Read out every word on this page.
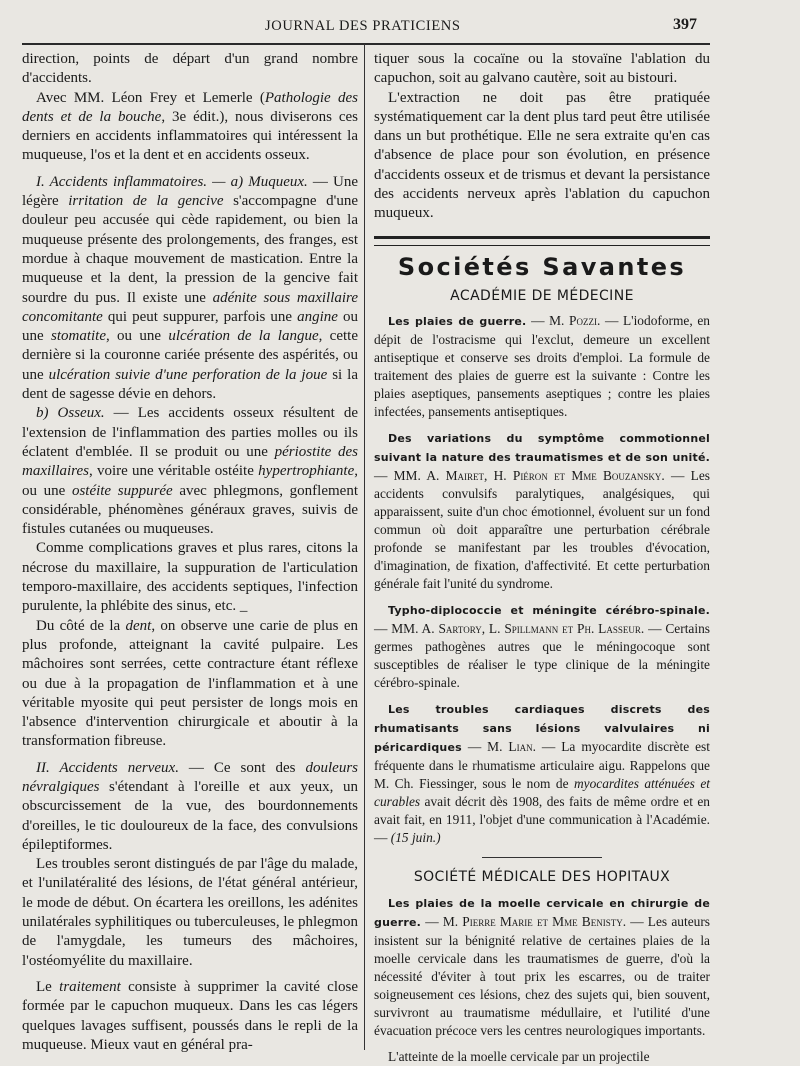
JOURNAL DES PRATICIENS	397

direction, points de départ d'un grand nombre d'accidents.

Avec MM. Léon Frey et Lemerle (Pathologie des dents et de la bouche, 3e édit.), nous diviserons ces derniers en accidents inflammatoires qui intéressent la muqueuse, l'os et la dent et en accidents osseux.

I. Accidents inflammatoires. — a) Muqueux. — Une légère irritation de la gencive s'accompagne d'une douleur peu accusée qui cède rapidement, ou bien la muqueuse présente des prolongements, des franges, est mordue à chaque mouvement de mastication. Entre la muqueuse et la dent, la pression de la gencive fait sourdre du pus. Il existe une adénite sous maxillaire concomitante qui peut suppurer, parfois une angine ou une stomatite, ou une ulcération de la langue, cette dernière si la couronne cariée présente des aspérités, ou une ulcération suivie d'une perforation de la joue si la dent de sagesse dévie en dehors.

b) Osseux. — Les accidents osseux résultent de l'extension de l'inflammation des parties molles ou ils éclatent d'emblée. Il se produit ou une périostite des maxillaires, voire une véritable ostéite hypertrophiante, ou une ostéite suppurée avec phlegmons, gonflement considérable, phénomènes généraux graves, suivis de fistules cutanées ou muqueuses.

Comme complications graves et plus rares, citons la nécrose du maxillaire, la suppuration de l'articulation temporo-maxillaire, des accidents septiques, l'infection purulente, la phlébite des sinus, etc. _

Du côté de la dent, on observe une carie de plus en plus profonde, atteignant la cavité pulpaire. Les mâchoires sont serrées, cette contracture étant réflexe ou due à la propagation de l'inflammation et à une véritable myosite qui peut persister de longs mois en l'absence d'intervention chirurgicale et aboutir à la transformation fibreuse.

II. Accidents nerveux. — Ce sont des douleurs névralgiques s'étendant à l'oreille et aux yeux, un obscurcissement de la vue, des bourdonnements d'oreilles, le tic douloureux de la face, des convulsions épileptiformes.

Les troubles seront distingués de par l'âge du malade, et l'unilatéralité des lésions, de l'état général antérieur, le mode de début. On écartera les oreillons, les adénites unilatérales syphilitiques ou tuberculeuses, le phlegmon de l'amygdale, les tumeurs des mâchoires, l'ostéomyélite du maxillaire.

Le traitement consiste à supprimer la cavité close formée par le capuchon muqueux. Dans les cas légers quelques lavages suffisent, poussés dans le repli de la muqueuse. Mieux vaut en général pra-

tiquer sous la cocaïne ou la stovaïne l'ablation du capuchon, soit au galvano cautère, soit au bistouri.

L'extraction ne doit pas être pratiquée systématiquement car la dent plus tard peut être utilisée dans un but prothétique. Elle ne sera extraite qu'en cas d'absence de place pour son évolution, en présence d'accidents osseux et de trismus et devant la persistance des accidents nerveux après l'ablation du capuchon muqueux.

Sociétés Savantes
ACADÉMIE DE MÉDECINE

Les plaies de guerre. — M. Pozzi. — L'iodoforme, en dépit de l'ostracisme qui l'exclut, demeure un excellent antiseptique et conserve ses droits d'emploi. La formule de traitement des plaies de guerre est la suivante : Contre les plaies aseptiques, pansements aseptiques ; contre les plaies infectées, pansements antiseptiques.

Des variations du symptôme commotionnel suivant la nature des traumatismes et de son unité. — MM. A. Mairet, H. Piéron et Mme Bouzansky. — Les accidents convulsifs paralytiques, analgésiques, qui apparaissent, suite d'un choc émotionnel, évoluent sur un fond commun où doit apparaître une perturbation cérébrale profonde se manifestant par les troubles d'évocation, d'imagination, de fixation, d'affectivité. Et cette perturbation générale fait l'unité du syndrome.

Typho-diplococcie et méningite cérébro-spinale. — MM. A. Sartory, L. Spillmann et Ph. Lasseur. — Certains germes pathogènes autres que le méningocoque sont susceptibles de réaliser le type clinique de la méningite cérébro-spinale.

Les troubles cardiaques discrets des rhumatisants sans lésions valvulaires ni péricardiques — M. Lian. — La myocardite discrète est fréquente dans le rhumatisme articulaire aigu. Rappelons que M. Ch. Fiessinger, sous le nom de myocardites atténuées et curables avait décrit dès 1908, des faits de même ordre et en avait fait, en 1911, l'objet d'une communication à l'Académie. — (15 juin.)

SOCIÉTÉ MÉDICALE DES HOPITAUX

Les plaies de la moelle cervicale en chirurgie de guerre. — M. Pierre Marie et Mme Benisty. — Les auteurs insistent sur la bénignité relative de certaines plaies de la moelle cervicale dans les traumatismes de guerre, d'où la nécessité d'éviter à tout prix les escarres, ou de traiter soigneusement ces lésions, chez des sujets qui, bien souvent, survivront au traumatisme médullaire, et l'utilité d'une évacuation précoce vers les centres neurologiques importants.

L'atteinte de la moelle cervicale par un projectile
